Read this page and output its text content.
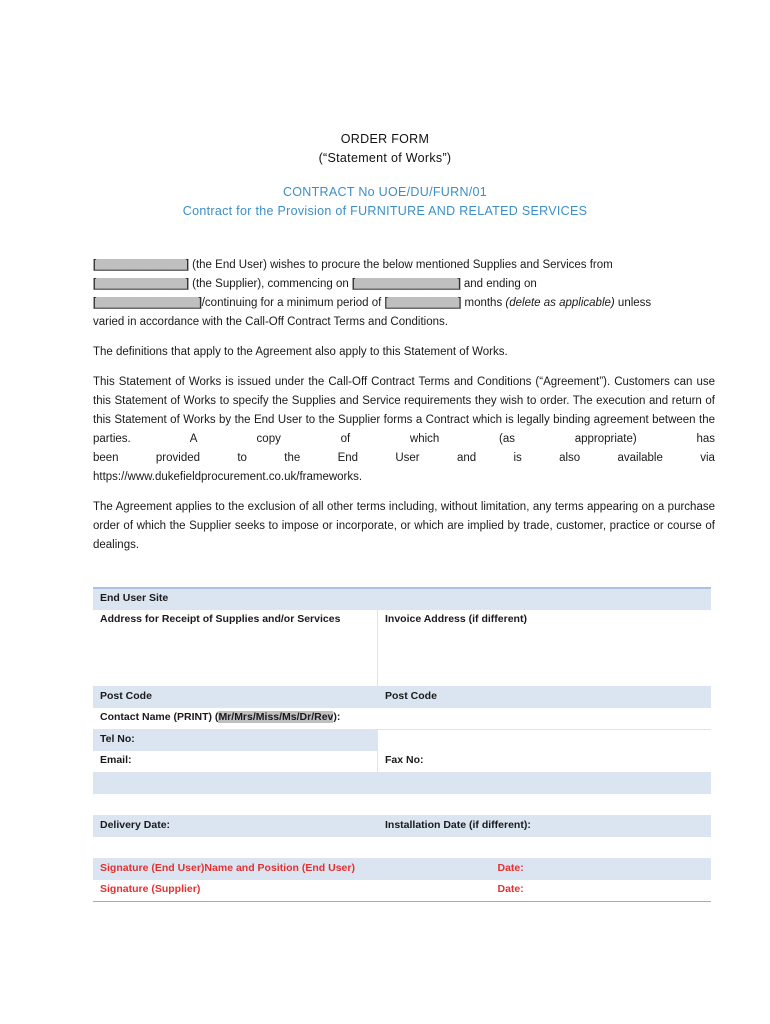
ORDER FORM
(“Statement of Works”)
CONTRACT No UOE/DU/FURN/01
Contract for the Provision of FURNITURE AND RELATED SERVICES
[______________] (the End User) wishes to procure the below mentioned Supplies and Services from
[______________] (the Supplier), commencing on [________________] and ending on
[________________]/continuing for a minimum period of [___________] months (delete as applicable) unless
varied in accordance with the Call-Off Contract Terms and Conditions.
The definitions that apply to the Agreement also apply to this Statement of Works.
This Statement of Works is issued under the Call-Off Contract Terms and Conditions (“Agreement”). Customers can use this Statement of Works to specify the Supplies and Service requirements they wish to order. The execution and return of this Statement of Works by the End User to the Supplier forms a Contract which is legally binding agreement between the parties. A copy of which (as appropriate) has
been	provided	to	the	End	User	and	is	also	available	via
https://www.dukefieldprocurement.co.uk/frameworks.
The Agreement applies to the exclusion of all other terms including, without limitation, any terms appearing on a purchase order of which the Supplier seeks to impose or incorporate, or which are implied by trade, customer, practice or course of dealings.
End User Site	
Address for Receipt of Supplies and/or Services	Invoice Address (if different)
Post Code	Post Code
Contact Name (PRINT) (Mr/Mrs/Miss/Ms/Dr/Rev):	
Tel No:	
Email:	Fax No:

Delivery Date:	Installation Date (if different):

Signature (End User)Name and Position (End User)	Date:
Signature (Supplier)	Date:
